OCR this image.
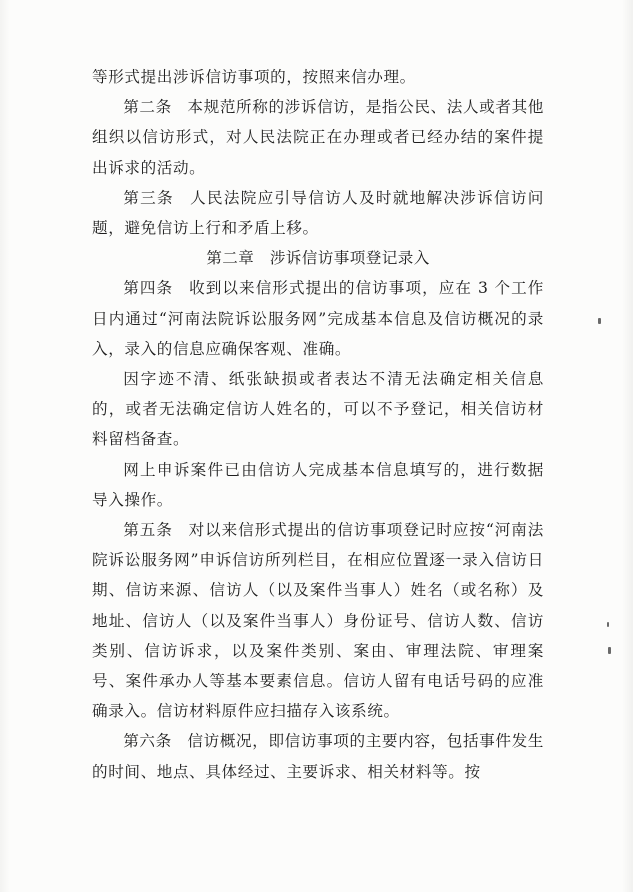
等形式提出涉诉信访事项的，按照来信办理。

第二条 本规范所称的涉诉信访，是指公民、法人或者其他组织以信访形式，对人民法院正在办理或者已经办结的案件提出诉求的活动。

第三条 人民法院应引导信访人及时就地解决涉诉信访问题，避免信访上行和矛盾上移。

第二章 涉诉信访事项登记录入

第四条 收到以来信形式提出的信访事项，应在 3 个工作日内通过“河南法院诉讼服务网”完成基本信息及信访概况的录入，录入的信息应确保客观、准确。

因字迹不清、纸张缺损或者表达不清无法确定相关信息的，或者无法确定信访人姓名的，可以不予登记，相关信访材料留档备查。

网上申诉案件已由信访人完成基本信息填写的，进行数据导入操作。

第五条 对以来信形式提出的信访事项登记时应按“河南法院诉讼服务网”申诉信访所列栏目，在相应位置逐一录入信访日期、信访来源、信访人（以及案件当事人）姓名（或名称）及地址、信访人（以及案件当事人）身份证号、信访人数、信访类别、信访诉求，以及案件类别、案由、审理法院、审理案号、案件承办人等基本要素信息。信访人留有电话号码的应准确录入。信访材料原件应扫描存入该系统。

第六条 信访概况，即信访事项的主要内容，包括事件发生的时间、地点、具体经过、主要诉求、相关材料等。按
